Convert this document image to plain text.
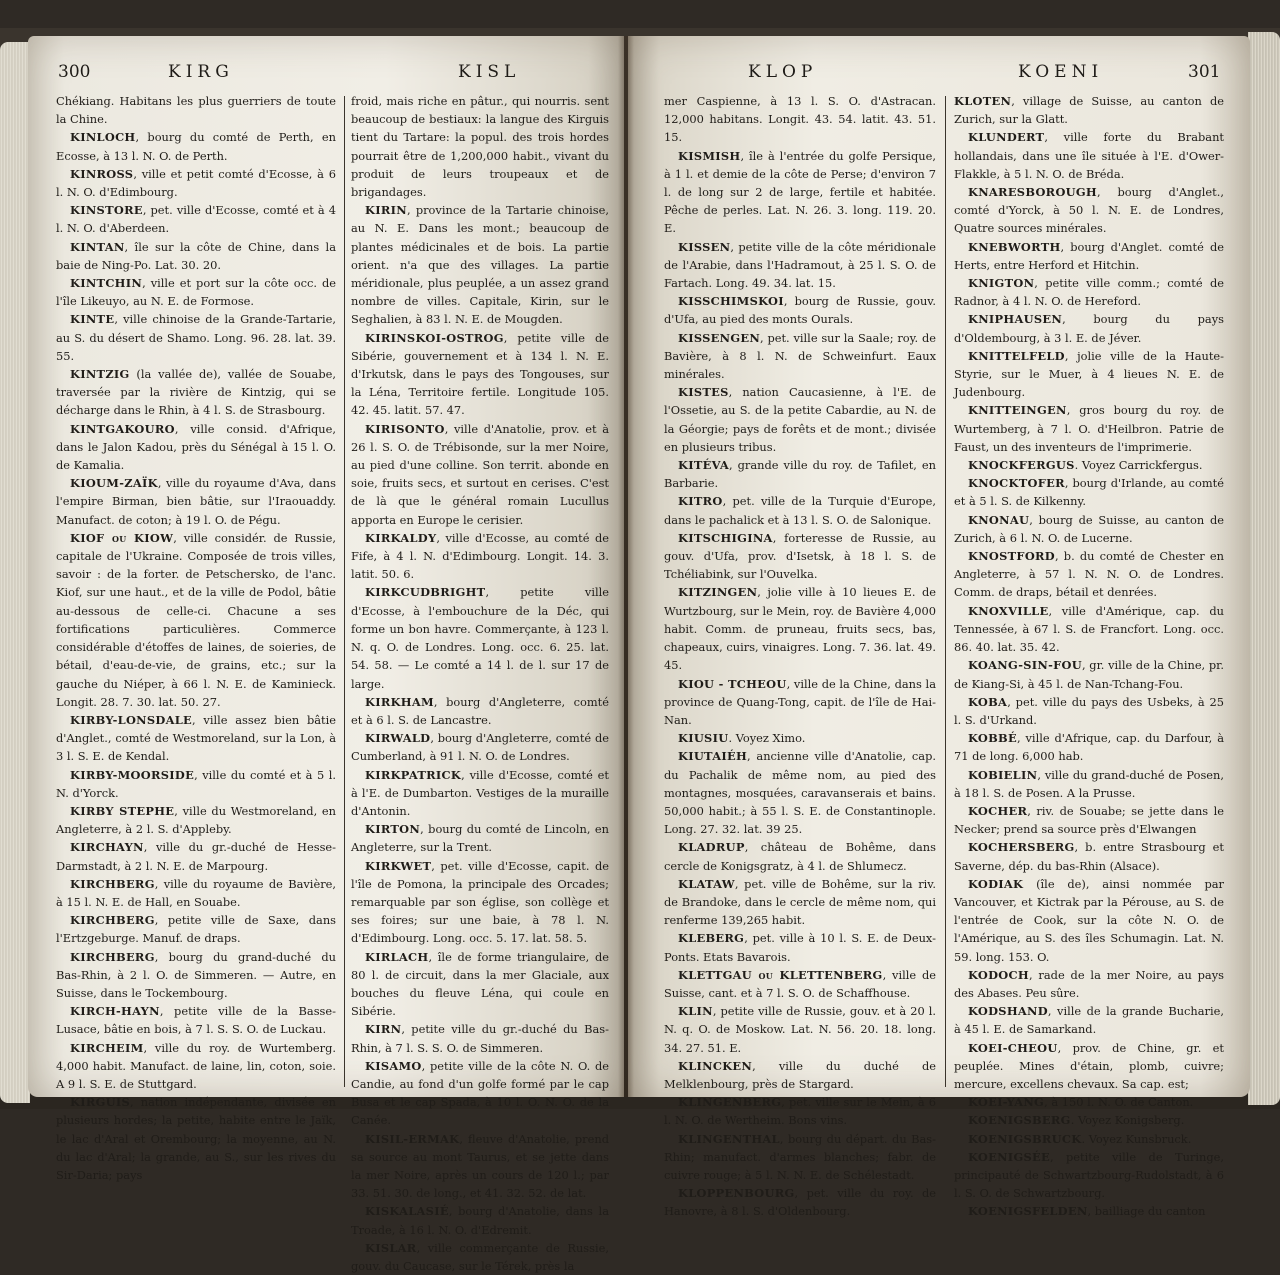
300	KIRG	KISL

Chékiang. Habitans les plus guerriers de toute la Chine.

KINLOCH, bourg du comté de Perth, en Ecosse, à 13 l. N. O. de Perth.

KINROSS, ville et petit comté d'Ecosse, à 6 l. N. O. d'Edimbourg.

KINSTORE, pet. ville d'Ecosse, comté et à 4 l. N. O. d'Aberdeen.

KINTAN, île sur la côte de Chine, dans la baie de Ning-Po. Lat. 30. 20.

KINTCHIN, ville et port sur la côte occ. de l'île Likeuyo, au N. E. de Formose.

KINTE, ville chinoise de la Grande-Tartarie, au S. du désert de Shamo. Long. 96. 28. lat. 39. 55.

KINTZIG (la vallée de), vallée de Souabe, traversée par la rivière de Kintzig, qui se décharge dans le Rhin, à 4 l. S. de Strasbourg.

KINTGAKOURO, ville consid. d'Afrique, dans le Jalon Kadou, près du Sénégal à 15 l. O. de Kamalia.

KIOUM-ZAÏK, ville du royaume d'Ava, dans l'empire Birman, bien bâtie, sur l'Iraouaddy. Manufact. de coton; à 19 l. O. de Pégu.

KIOF ou KIOW, ville considér. de Russie, capitale de l'Ukraine. Composée de trois villes, savoir : de la forter. de Petschersko, de l'anc. Kiof, sur une haut., et de la ville de Podol, bâtie au-dessous de celle-ci. Chacune a ses fortifications particulières. Commerce considérable d'étoffes de laines, de soieries, de bétail, d'eau-de-vie, de grains, etc.; sur la gauche du Niéper, à 66 l. N. E. de Kaminieck. Longit. 28. 7. 30. lat. 50. 27.

KIRBY-LONSDALE, ville assez bien bâtie d'Anglet., comté de Westmoreland, sur la Lon, à 3 l. S. E. de Kendal.

KIRBY-MOORSIDE, ville du comté et à 5 l. N. d'Yorck.

KIRBY STEPHE, ville du Westmoreland, en Angleterre, à 2 l. S. d'Appleby.

KIRCHAYN, ville du gr.-duché de Hesse-Darmstadt, à 2 l. N. E. de Marpourg.

KIRCHBERG, ville du royaume de Bavière, à 15 l. N. E. de Hall, en Souabe.

KIRCHBERG, petite ville de Saxe, dans l'Ertzgeburge. Manuf. de draps.

KIRCHBERG, bourg du grand-duché du Bas-Rhin, à 2 l. O. de Simmeren. — Autre, en Suisse, dans le Tockembourg.

KIRCH-HAYN, petite ville de la Basse-Lusace, bâtie en bois, à 7 l. S. S. O. de Luckau.

KIRCHEIM, ville du roy. de Wurtemberg. 4,000 habit. Manufact. de laine, lin, coton, soie. A 9 l. S. E. de Stuttgard.

KIRGUIS, nation indépendante, divisée en plusieurs hordes; la petite, habite entre le Jaïk, le lac d'Aral et Orembourg; la moyenne, au N. du lac d'Aral; la grande, au S., sur les rives du Sir-Daria; pays

froid, mais riche en pâtur., qui nourris. sent beaucoup de bestiaux: la langue des Kirguis tient du Tartare: la popul. des trois hordes pourrait être de 1,200,000 habit., vivant du produit de leurs troupeaux et de brigandages.

KIRIN, province de la Tartarie chinoise, au N. E. Dans les mont.; beaucoup de plantes médicinales et de bois. La partie orient. n'a que des villages. La partie méridionale, plus peuplée, a un assez grand nombre de villes. Capitale, Kirin, sur le Seghalien, à 83 l. N. E. de Mougden.

KIRINSKOI-OSTROG, petite ville de Sibérie, gouvernement et à 134 l. N. E. d'Irkutsk, dans le pays des Tongouses, sur la Léna, Territoire fertile. Longitude 105. 42. 45. latit. 57. 47.

KIRISONTO, ville d'Anatolie, prov. et à 26 l. S. O. de Trébisonde, sur la mer Noire, au pied d'une colline. Son territ. abonde en soie, fruits secs, et surtout en cerises. C'est de là que le général romain Lucullus apporta en Europe le cerisier.

KIRKALDY, ville d'Ecosse, au comté de Fife, à 4 l. N. d'Edimbourg. Longit. 14. 3. latit. 50. 6.

KIRKCUDBRIGHT, petite ville d'Ecosse, à l'embouchure de la Déc, qui forme un bon havre. Commerçante, à 123 l. N. q. O. de Londres. Long. occ. 6. 25. lat. 54. 58. — Le comté a 14 l. de l. sur 17 de large.

KIRKHAM, bourg d'Angleterre, comté et à 6 l. S. de Lancastre.

KIRWALD, bourg d'Angleterre, comté de Cumberland, à 91 l. N. O. de Londres.

KIRKPATRICK, ville d'Ecosse, comté et à l'E. de Dumbarton. Vestiges de la muraille d'Antonin.

KIRTON, bourg du comté de Lincoln, en Angleterre, sur la Trent.

KIRKWET, pet. ville d'Ecosse, capit. de l'île de Pomona, la principale des Orcades; remarquable par son église, son collège et ses foires; sur une baie, à 78 l. N. d'Edimbourg. Long. occ. 5. 17. lat. 58. 5.

KIRLACH, île de forme triangulaire, de 80 l. de circuit, dans la mer Glaciale, aux bouches du fleuve Léna, qui coule en Sibérie.

KIRN, petite ville du gr.-duché du Bas-Rhin, à 7 l. S. S. O. de Simmeren.

KISAMO, petite ville de la côte N. O. de Candie, au fond d'un golfe formé par le cap Busa et le cap Spada, à 10 l. O. N. O. de la Canée.

KISIL-ERMAK, fleuve d'Anatolie, prend sa source au mont Taurus, et se jette dans la mer Noire, après un cours de 120 l.; par 33. 51. 30. de long., et 41. 32. 52. de lat.

KISKALASIÉ, bourg d'Anatolie, dans la Troade, à 16 l. N. O. d'Edremit.

KISLAR, ville commerçante de Russie, gouv. du Caucase, sur le Térek, près la

KLOP	KOENI	301

mer Caspienne, à 13 l. S. O. d'Astracan. 12,000 habitans. Longit. 43. 54. latit. 43. 51. 15.

KISMISH, île à l'entrée du golfe Persique, à 1 l. et demie de la côte de Perse; d'environ 7 l. de long sur 2 de large, fertile et habitée. Pêche de perles. Lat. N. 26. 3. long. 119. 20. E.

KISSEN, petite ville de la côte méridionale de l'Arabie, dans l'Hadramout, à 25 l. S. O. de Fartach. Long. 49. 34. lat. 15.

KISSCHIMSKOI, bourg de Russie, gouv. d'Ufa, au pied des monts Ourals.

KISSENGEN, pet. ville sur la Saale; roy. de Bavière, à 8 l. N. de Schweinfurt. Eaux minérales.

KISTES, nation Caucasienne, à l'E. de l'Ossetie, au S. de la petite Cabardie, au N. de la Géorgie; pays de forêts et de mont.; divisée en plusieurs tribus.

KITÉVA, grande ville du roy. de Tafilet, en Barbarie.

KITRO, pet. ville de la Turquie d'Europe, dans le pachalick et à 13 l. S. O. de Salonique.

KITSCHIGINA, forteresse de Russie, au gouv. d'Ufa, prov. d'Isetsk, à 18 l. S. de Tchéliabink, sur l'Ouvelka.

KITZINGEN, jolie ville à 10 lieues E. de Wurtzbourg, sur le Mein, roy. de Bavière 4,000 habit. Comm. de pruneau, fruits secs, bas, chapeaux, cuirs, vinaigres. Long. 7. 36. lat. 49. 45.

KIOU - TCHEOU, ville de la Chine, dans la province de Quang-Tong, capit. de l'île de Hai-Nan.

KIUSIU. Voyez Ximo.

KIUTAIÉH, ancienne ville d'Anatolie, cap. du Pachalik de même nom, au pied des montagnes, mosquées, caravanserais et bains. 50,000 habit.; à 55 l. S. E. de Constantinople. Long. 27. 32. lat. 39 25.

KLADRUP, château de Bohême, dans cercle de Konigsgratz, à 4 l. de Shlumecz.

KLATAW, pet. ville de Bohême, sur la riv. de Brandoke, dans le cercle de même nom, qui renferme 139,265 habit.

KLEBERG, pet. ville à 10 l. S. E. de Deux-Ponts. Etats Bavarois.

KLETTGAU ou KLETTENBERG, ville de Suisse, cant. et à 7 l. S. O. de Schaffhouse.

KLIN, petite ville de Russie, gouv. et à 20 l. N. q. O. de Moskow. Lat. N. 56. 20. 18. long. 34. 27. 51. E.

KLINCKEN, ville du duché de Melklenbourg, près de Stargard.

KLINGENBERG, pet. ville sur le Mein, à 6 l. N. O. de Wertheim. Bons vins.

KLINGENTHAL, bourg du départ. du Bas-Rhin; manufact. d'armes blanches; fabr. de cuivre rouge; à 5 l. N. N. E. de Schélestadt.

KLOPPENBOURG, pet. ville du roy. de Hanovre, à 8 l. S. d'Oldenbourg.

KLOTEN, village de Suisse, au canton de Zurich, sur la Glatt.

KLUNDERT, ville forte du Brabant hollandais, dans une île située à l'E. d'Ower-Flakkle, à 5 l. N. O. de Bréda.

KNARESBOROUGH, bourg d'Anglet., comté d'Yorck, à 50 l. N. E. de Londres, Quatre sources minérales.

KNEBWORTH, bourg d'Anglet. comté de Herts, entre Herford et Hitchin.

KNIGTON, petite ville comm.; comté de Radnor, à 4 l. N. O. de Hereford.

KNIPHAUSEN, bourg du pays d'Oldembourg, à 3 l. E. de Jéver.

KNITTELFELD, jolie ville de la Haute-Styrie, sur le Muer, à 4 lieues N. E. de Judenbourg.

KNITTEINGEN, gros bourg du roy. de Wurtemberg, à 7 l. O. d'Heilbron. Patrie de Faust, un des inventeurs de l'imprimerie.

KNOCKFERGUS. Voyez Carrickfergus.

KNOCKTOFER, bourg d'Irlande, au comté et à 5 l. S. de Kilkenny.

KNONAU, bourg de Suisse, au canton de Zurich, à 6 l. N. O. de Lucerne.

KNOSTFORD, b. du comté de Chester en Angleterre, à 57 l. N. N. O. de Londres. Comm. de draps, bétail et denrées.

KNOXVILLE, ville d'Amérique, cap. du Tennessée, à 67 l. S. de Francfort. Long. occ. 86. 40. lat. 35. 42.

KOANG-SIN-FOU, gr. ville de la Chine, pr. de Kiang-Si, à 45 l. de Nan-Tchang-Fou.

KOBA, pet. ville du pays des Usbeks, à 25 l. S. d'Urkand.

KOBBÉ, ville d'Afrique, cap. du Darfour, à 71 de long. 6,000 hab.

KOBIELIN, ville du grand-duché de Posen, à 18 l. S. de Posen. A la Prusse.

KOCHER, riv. de Souabe; se jette dans le Necker; prend sa source près d'Elwangen

KOCHERSBERG, b. entre Strasbourg et Saverne, dép. du bas-Rhin (Alsace).

KODIAK (île de), ainsi nommée par Vancouver, et Kictrak par la Pérouse, au S. de l'entrée de Cook, sur la côte N. O. de l'Amérique, au S. des îles Schumagin. Lat. N. 59. long. 153. O.

KODOCH, rade de la mer Noire, au pays des Abases. Peu sûre.

KODSHAND, ville de la grande Bucharie, à 45 l. E. de Samarkand.

KOEI-CHEOU, prov. de Chine, gr. et peuplée. Mines d'étain, plomb, cuivre; mercure, excellens chevaux. Sa cap. est;

KOEI-YANG, à 150 l. N. O. de Canton.

KOENIGSBERG. Voyez Konigsberg.

KOENIGSBRUCK. Voyez Kunsbruck.

KOENIGSÉE, petite ville de Turinge, principauté de Schwartzbourg-Rudolstadt, à 6 l. S. O. de Schwartzbourg.

KOENIGSFELDEN, bailliage du canton
